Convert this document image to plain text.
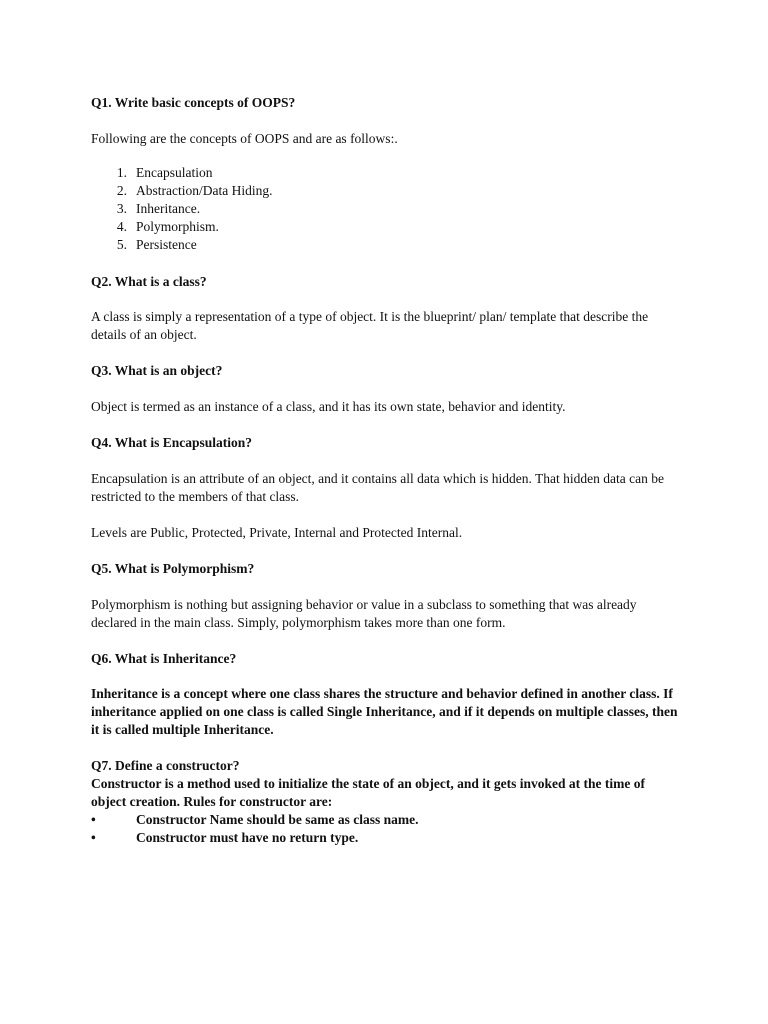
Q1. Write basic concepts of OOPS?

Following are the concepts of OOPS and are as follows:.

1. Encapsulation
2. Abstraction/Data Hiding.
3. Inheritance.
4. Polymorphism.
5. Persistence

Q2. What is a class?

A class is simply a representation of a type of object. It is the blueprint/ plan/ template that describe the details of an object.

Q3. What is an object?

Object is termed as an instance of a class, and it has its own state, behavior and identity.

Q4. What is Encapsulation?

Encapsulation is an attribute of an object, and it contains all data which is hidden. That hidden data can be restricted to the members of that class.

Levels are Public, Protected, Private, Internal and Protected Internal.

Q5. What is Polymorphism?

Polymorphism is nothing but assigning behavior or value in a subclass to something that was already declared in the main class. Simply, polymorphism takes more than one form.

Q6. What is Inheritance?

Inheritance is a concept where one class shares the structure and behavior defined in another class. If inheritance applied on one class is called Single Inheritance, and if it depends on multiple classes, then it is called multiple Inheritance.

Q7. Define a constructor?

Constructor is a method used to initialize the state of an object, and it gets invoked at the time of object creation. Rules for constructor are:

•	Constructor Name should be same as class name.
•	Constructor must have no return type.
